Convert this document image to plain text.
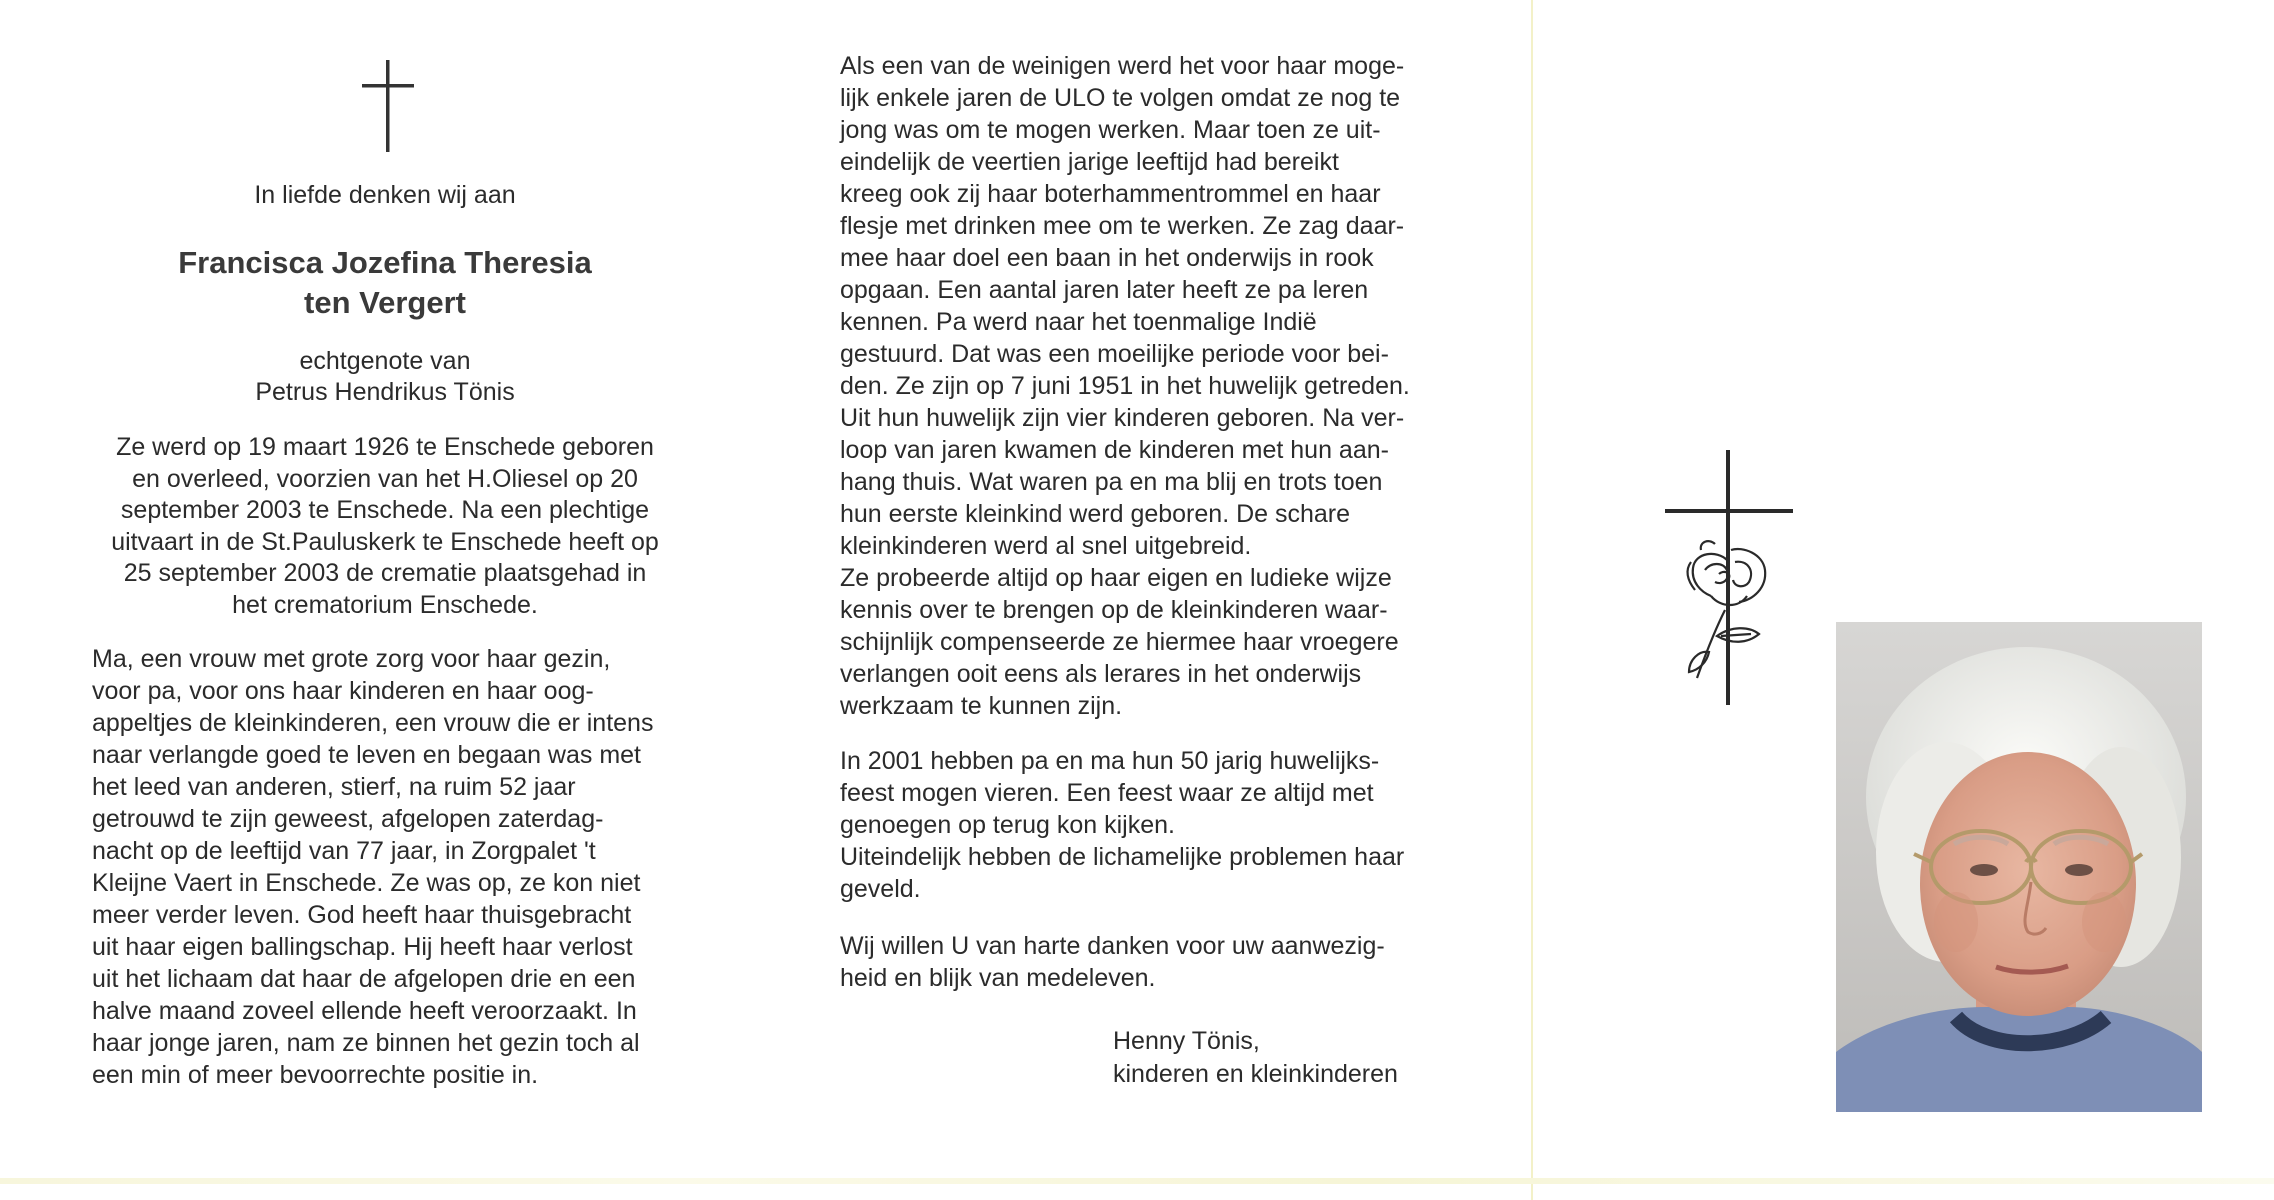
In liefde denken wij aan
Francisca Jozefina Theresia
ten Vergert
echtgenote van
Petrus Hendrikus Tönis
Ze werd op 19 maart 1926 te Enschede geboren
en overleed, voorzien van het H.Oliesel op 20
september 2003 te Enschede. Na een plechtige
uitvaart in de St.Pauluskerk te Enschede heeft op
25 september 2003 de crematie plaatsgehad in
het crematorium Enschede.
Ma, een vrouw met grote zorg voor haar gezin,
voor pa, voor ons haar kinderen en haar oog-
appeltjes de kleinkinderen, een vrouw die er intens
naar verlangde goed te leven en begaan was met
het leed van anderen, stierf, na ruim 52 jaar
getrouwd te zijn geweest, afgelopen zaterdag-
nacht op de leeftijd van 77 jaar, in Zorgpalet 't
Kleijne Vaert in Enschede. Ze was op, ze kon niet
meer verder leven. God heeft haar thuisgebracht
uit haar eigen ballingschap. Hij heeft haar verlost
uit het lichaam dat haar de afgelopen drie en een
halve maand zoveel ellende heeft veroorzaakt. In
haar jonge jaren, nam ze binnen het gezin toch al
een min of meer bevoorrechte positie in.
Als een van de weinigen werd het voor haar moge-
lijk enkele jaren de ULO te volgen omdat ze nog te
jong was om te mogen werken. Maar toen ze uit-
eindelijk de veertien jarige leeftijd had bereikt
kreeg ook zij haar boterhammentrommel en haar
flesje met drinken mee om te werken. Ze zag daar-
mee haar doel een baan in het onderwijs in rook
opgaan. Een aantal jaren later heeft ze pa leren
kennen. Pa werd naar het toenmalige Indië
gestuurd. Dat was een moeilijke periode voor bei-
den. Ze zijn op 7 juni 1951 in het huwelijk getreden.
Uit hun huwelijk zijn vier kinderen geboren. Na ver-
loop van jaren kwamen de kinderen met hun aan-
hang thuis. Wat waren pa en ma blij en trots toen
hun eerste kleinkind werd geboren. De schare
kleinkinderen werd al snel uitgebreid.
Ze probeerde altijd op haar eigen en ludieke wijze
kennis over te brengen op de kleinkinderen waar-
schijnlijk compenseerde ze hiermee haar vroegere
verlangen ooit eens als lerares in het onderwijs
werkzaam te kunnen zijn.
In 2001 hebben pa en ma hun 50 jarig huwelijks-
feest mogen vieren. Een feest waar ze altijd met
genoegen op terug kon kijken.
Uiteindelijk hebben de lichamelijke problemen haar
geveld.
Wij willen U van harte danken voor uw aanwezig-
heid en blijk van medeleven.
Henny Tönis,
kinderen en kleinkinderen
